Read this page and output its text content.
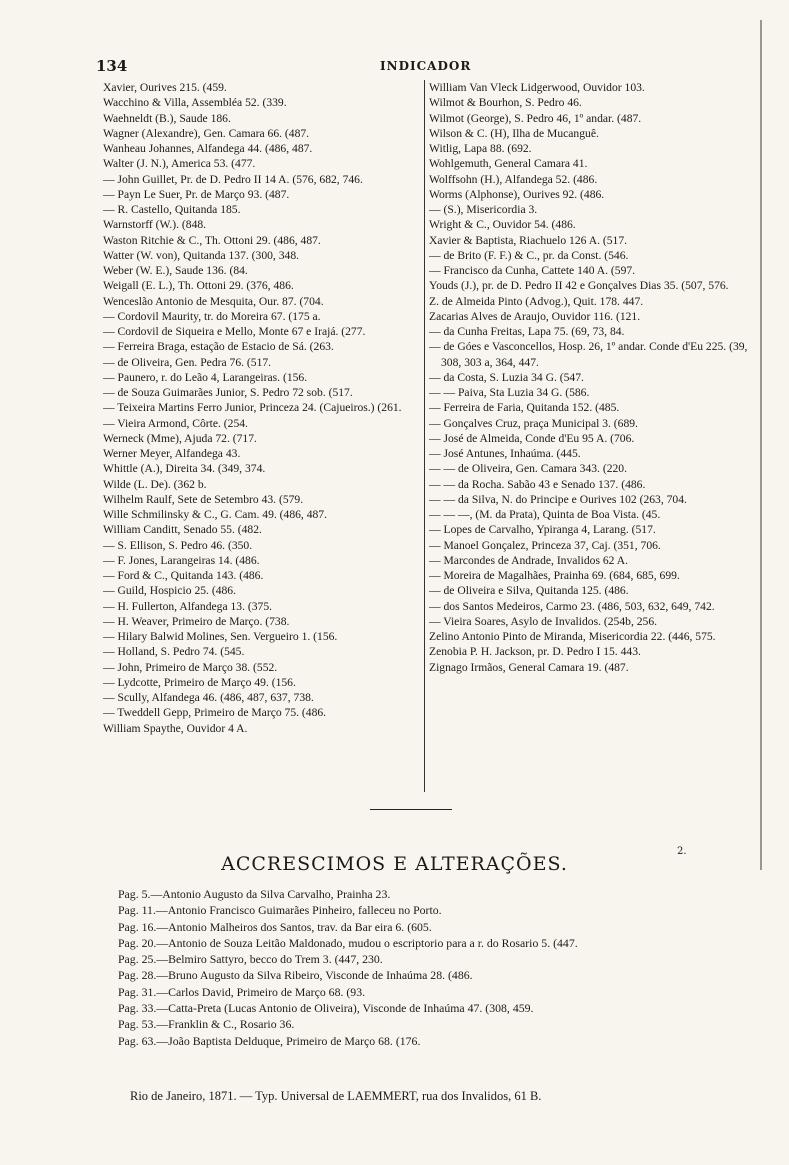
134	INDICADOR
Xavier, Ourives 215. (459.
Wacchino & Villa, Assembléa 52. (339.
Waehneldt (B.), Saude 186.
Wagner (Alexandre), Gen. Camara 66. (487.
Wanheau Johannes, Alfandega 44. (486, 487.
Walter (J. N.), America 53. (477.
— John Guillet, Pr. de D. Pedro II 14 A. (576, 682, 746.
— Payn Le Suer, Pr. de Março 93. (487.
— R. Castello, Quitanda 185.
Warnstorff (W.). (848.
Waston Ritchie & C., Th. Ottoni 29. (486, 487.
Watter (W. von), Quitanda 137. (300, 348.
Weber (W. E.), Saude 136. (84.
Weigall (E. L.), Th. Ottoni 29. (376, 486.
Wenceslão Antonio de Mesquita, Our. 87. (704.
— Cordovil Maurity, tr. do Moreira 67. (175 a.
— Cordovil de Siqueira e Mello, Monte 67 e Irajá. (277.
— Ferreira Braga, estação de Estacio de Sá. (263.
— de Oliveira, Gen. Pedra 76. (517.
— Paunero, r. do Leão 4, Larangeiras. (156.
— de Souza Guimarães Junior, S. Pedro 72 sob. (517.
— Teixeira Martins Ferro Junior, Princeza 24. (Cajueiros.) (261.
— Vieira Armond, Côrte. (254.
Werneck (Mme), Ajuda 72. (717.
Werner Meyer, Alfandega 43.
Whittle (A.), Direita 34. (349, 374.
Wilde (L. De). (362 b.
Wilhelm Raulf, Sete de Setembro 43. (579.
Wille Schmilinsky & C., G. Cam. 49. (486, 487.
William Canditt, Senado 55. (482.
— S. Ellison, S. Pedro 46. (350.
— F. Jones, Larangeiras 14. (486.
— Ford & C., Quitanda 143. (486.
— Guild, Hospicio 25. (486.
— H. Fullerton, Alfandega 13. (375.
— H. Weaver, Primeiro de Março. (738.
— Hilary Balwid Molines, Sen. Vergueiro 1. (156.
— Holland, S. Pedro 74. (545.
— John, Primeiro de Março 38. (552.
— Lydcotte, Primeiro de Março 49. (156.
— Scully, Alfandega 46. (486, 487, 637, 738.
— Tweddell Gepp, Primeiro de Março 75. (486.
William Spaythe, Ouvidor 4 A.
William Van Vleck Lidgerwood, Ouvidor 103.
Wilmot & Bourhon, S. Pedro 46.
Wilmot (George), S. Pedro 46, 1º andar. (487.
Wilson & C. (H), Ilha de Mucanguê.
Witlig, Lapa 88. (692.
Wohlgemuth, General Camara 41.
Wolffsohn (H.), Alfandega 52. (486.
Worms (Alphonse), Ourives 92. (486.
— (S.), Misericordia 3.
Wright & C., Ouvidor 54. (486.
Xavier & Baptista, Riachuelo 126 A. (517.
— de Brito (F. F.) & C., pr. da Const. (546.
— Francisco da Cunha, Cattete 140 A. (597.
Youds (J.), pr. de D. Pedro II 42 e Gonçalves Dias 35. (507, 576.
Z. de Almeida Pinto (Advog.), Quit. 178. 447.
Zacarias Alves de Araujo, Ouvidor 116. (121.
— da Cunha Freitas, Lapa 75. (69, 73, 84.
— de Góes e Vasconcellos, Hosp. 26, 1º andar. Conde d'Eu 225. (39, 308, 303 a, 364, 447.
— da Costa, S. Luzia 34 G. (547.
— — Paiva, Sta Luzia 34 G. (586.
— Ferreira de Faria, Quitanda 152. (485.
— Gonçalves Cruz, praça Municipal 3. (689.
— José de Almeida, Conde d'Eu 95 A. (706.
— José Antunes, Inhaúma. (445.
— — de Oliveira, Gen. Camara 343. (220.
— — da Rocha. Sabão 43 e Senado 137. (486.
— — da Silva, N. do Principe e Ourives 102 (263, 704.
— — —, (M. da Prata), Quinta de Boa Vista. (45.
— Lopes de Carvalho, Ypiranga 4, Larang. (517.
— Manoel Gonçalez, Princeza 37, Caj. (351, 706.
— Marcondes de Andrade, Invalidos 62 A.
— Moreira de Magalhães, Prainha 69. (684, 685, 699.
— de Oliveira e Silva, Quitanda 125. (486.
— dos Santos Medeiros, Carmo 23. (486, 503, 632, 649, 742.
— Vieira Soares, Asylo de Invalidos. (254b, 256.
Zelino Antonio Pinto de Miranda, Misericordia 22. (446, 575.
Zenobia P. H. Jackson, pr. D. Pedro I 15. 443.
Zignago Irmãos, General Camara 19. (487.
2.
ACCRESCIMOS E ALTERAÇÕES.
Pag. 5.—Antonio Augusto da Silva Carvalho, Prainha 23.
Pag. 11.—Antonio Francisco Guimarães Pinheiro, falleceu no Porto.
Pag. 16.—Antonio Malheiros dos Santos, trav. da Bar eira 6. (605.
Pag. 20.—Antonio de Souza Leitão Maldonado, mudou o escriptorio para a r. do Rosario 5. (447.
Pag. 25.—Belmiro Sattyro, becco do Trem 3. (447, 230.
Pag. 28.—Bruno Augusto da Silva Ribeiro, Visconde de Inhaúma 28. (486.
Pag. 31.—Carlos David, Primeiro de Março 68. (93.
Pag. 33.—Catta-Preta (Lucas Antonio de Oliveira), Visconde de Inhaúma 47. (308, 459.
Pag. 53.—Franklin & C., Rosario 36.
Pag. 63.—João Baptista Delduque, Primeiro de Março 68. (176.
Rio de Janeiro, 1871. — Typ. Universal de LAEMMERT, rua dos Invalidos, 61 B.
